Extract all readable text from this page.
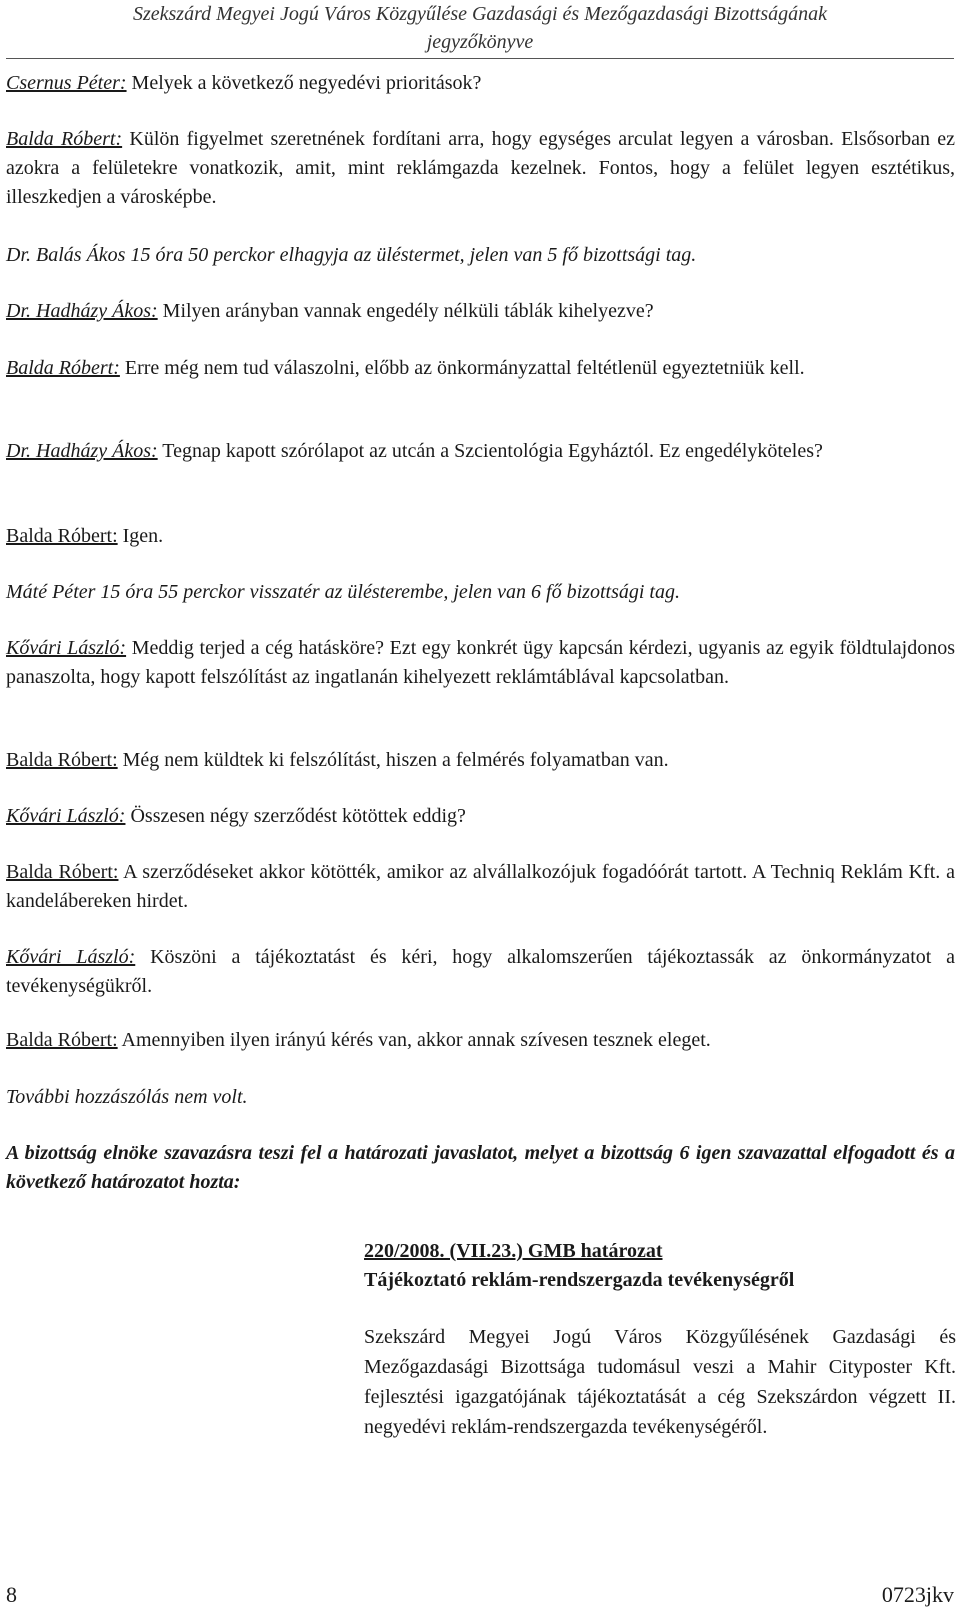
Szekszárd Megyei Jogú Város Közgyűlése Gazdasági és Mezőgazdasági Bizottságának
jegyzőkönyve

Csernus Péter: Melyek a következő negyedévi prioritások?

Balda Róbert: Külön figyelmet szeretnének fordítani arra, hogy egységes arculat legyen a városban. Elsősorban ez azokra a felületekre vonatkozik, amit, mint reklámgazda kezelnek. Fontos, hogy a felület legyen esztétikus, illeszkedjen a városképbe.

Dr. Balás Ákos 15 óra 50 perckor elhagyja az üléstermet, jelen van 5 fő bizottsági tag.

Dr. Hadházy Ákos: Milyen arányban vannak engedély nélküli táblák kihelyezve?

Balda Róbert: Erre még nem tud válaszolni, előbb az önkormányzattal feltétlenül egyeztetniük kell.

Dr. Hadházy Ákos: Tegnap kapott szórólapot az utcán a Szcientológia Egyháztól. Ez engedélyköteles?

Balda Róbert: Igen.

Máté Péter 15 óra 55 perckor visszatér az ülésterembe, jelen van 6 fő bizottsági tag.

Kővári László: Meddig terjed a cég hatásköre? Ezt egy konkrét ügy kapcsán kérdezi, ugyanis az egyik földtulajdonos panaszolta, hogy kapott felszólítást az ingatlanán kihelyezett reklámtáblával kapcsolatban.

Balda Róbert: Még nem küldtek ki felszólítást, hiszen a felmérés folyamatban van.

Kővári László: Összesen négy szerződést kötöttek eddig?

Balda Róbert: A szerződéseket akkor kötötték, amikor az alvállalkozójuk fogadóórát tartott. A Techniq Reklám Kft. a kandelábereken hirdet.

Kővári László: Köszöni a tájékoztatást és kéri, hogy alkalomszerűen tájékoztassák az önkormányzatot a tevékenységükről.

Balda Róbert: Amennyiben ilyen irányú kérés van, akkor annak szívesen tesznek eleget.

További hozzászólás nem volt.

A bizottság elnöke szavazásra teszi fel a határozati javaslatot, melyet a bizottság 6 igen szavazattal elfogadott és a következő határozatot hozta:

220/2008. (VII.23.) GMB határozat
Tájékoztató reklám-rendszergazda tevékenységről

Szekszárd Megyei Jogú Város Közgyűlésének Gazdasági és Mezőgazdasági Bizottsága tudomásul veszi a Mahir Cityposter Kft. fejlesztési igazgatójának tájékoztatását a cég Szekszárdon végzett II. negyedévi reklám-rendszergazda tevékenységéről.

8	0723jkv
